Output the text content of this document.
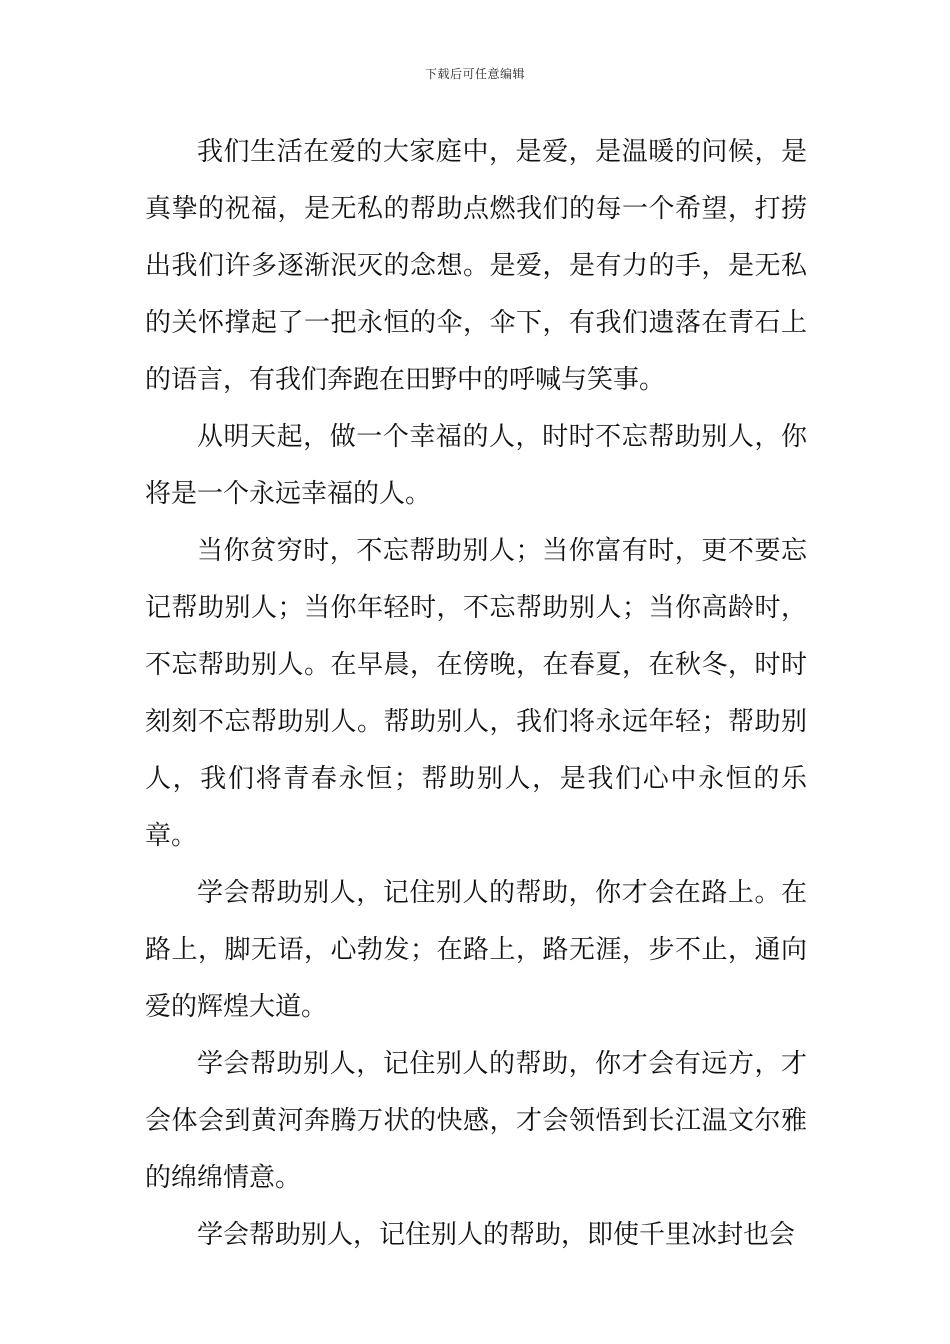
下载后可任意编辑

我们生活在爱的大家庭中，是爱，是温暖的问候，是真挚的祝福，是无私的帮助点燃我们的每一个希望，打捞出我们许多逐渐泯灭的念想。是爱，是有力的手，是无私的关怀撑起了一把永恒的伞，伞下，有我们遗落在青石上的语言，有我们奔跑在田野中的呼喊与笑事。

从明天起，做一个幸福的人，时时不忘帮助别人，你将是一个永远幸福的人。

当你贫穷时，不忘帮助别人；当你富有时，更不要忘记帮助别人；当你年轻时，不忘帮助别人；当你高龄时，不忘帮助别人。在早晨，在傍晚，在春夏，在秋冬，时时刻刻不忘帮助别人。帮助别人，我们将永远年轻；帮助别人，我们将青春永恒；帮助别人，是我们心中永恒的乐章。

学会帮助别人，记住别人的帮助，你才会在路上。在路上，脚无语，心勃发；在路上，路无涯，步不止，通向爱的辉煌大道。

学会帮助别人，记住别人的帮助，你才会有远方，才会体会到黄河奔腾万状的快感，才会领悟到长江温文尔雅的绵绵情意。

学会帮助别人，记住别人的帮助，即使千里冰封也会
